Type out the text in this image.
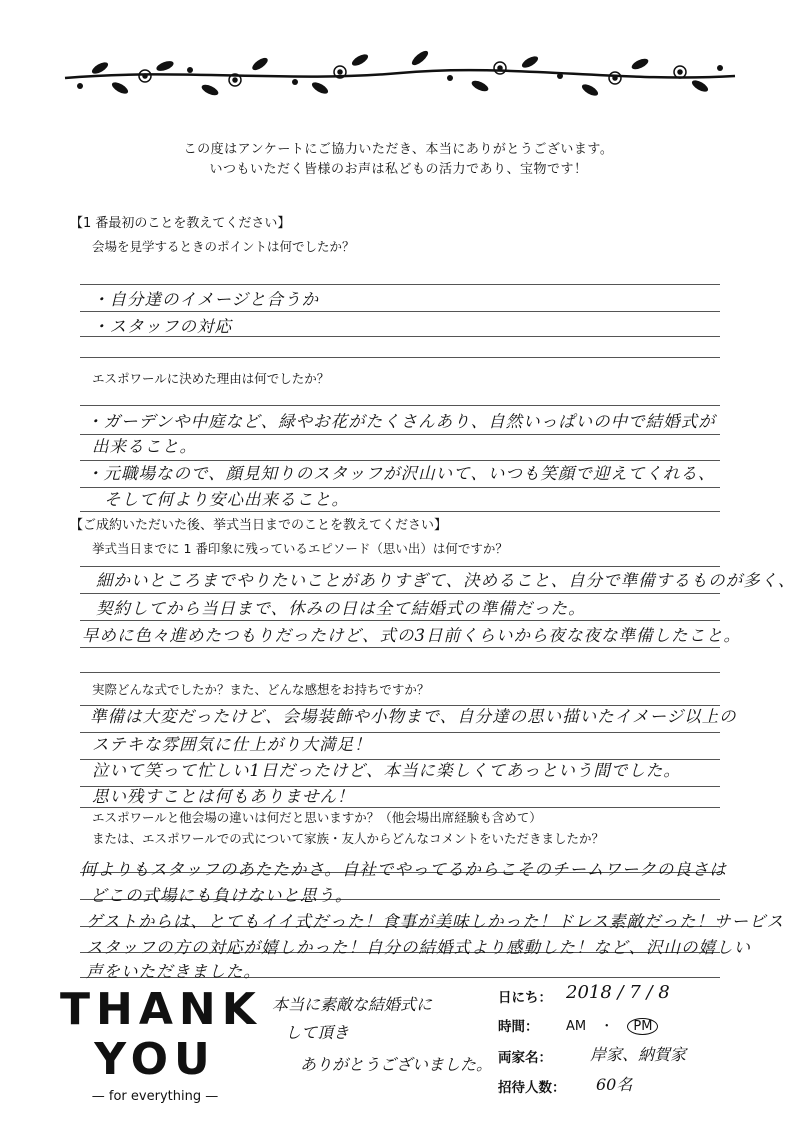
この度はアンケートにご協力いただき、本当にありがとうございます。
いつもいただく皆様のお声は私どもの活力であり、宝物です！
【1 番最初のことを教えてください】
会場を見学するときのポイントは何でしたか？
・自分達のイメージと合うか
・スタッフの対応
エスポワールに決めた理由は何でしたか？
・ガーデンや中庭など、緑やお花がたくさんあり、自然いっぱいの中で結婚式が
出来ること。
・元職場なので、顔見知りのスタッフが沢山いて、いつも笑顔で迎えてくれる、
そして何より安心出来ること。
【ご成約いただいた後、挙式当日までのことを教えてください】
挙式当日までに 1 番印象に残っているエピソード（思い出）は何ですか？
細かいところまでやりたいことがありすぎて、決めること、自分で準備するものが多く、
契約してから当日まで、休みの日は全て結婚式の準備だった。
早めに色々進めたつもりだったけど、式の3日前くらいから夜な夜な準備したこと。
実際どんな式でしたか？また、どんな感想をお持ちですか？
準備は大変だったけど、会場装飾や小物まで、自分達の思い描いたイメージ以上の
ステキな雰囲気に仕上がり大満足！
泣いて笑って忙しい1日だったけど、本当に楽しくてあっという間でした。
思い残すことは何もありません！
エスポワールと他会場の違いは何だと思いますか？（他会場出席経験も含めて）
または、エスポワールでの式について家族・友人からどんなコメントをいただきましたか？
何よりもスタッフのあたたかさ。自社でやってるからこそのチームワークの良さは
どこの式場にも負けないと思う。
ゲストからは、とてもイイ式だった！食事が美味しかった！ドレス素敵だった！サービス
スタッフの方の対応が嬉しかった！自分の結婚式より感動した！など、沢山の嬉しい
声をいただきました。
THANK
YOU
— for everything —
本当に素敵な結婚式に
して頂き
ありがとうございました。
日にち： 2018 / 7 / 8
時間： AM ・ PM
両家名： 岸家、納賀家
招待人数： 60名
